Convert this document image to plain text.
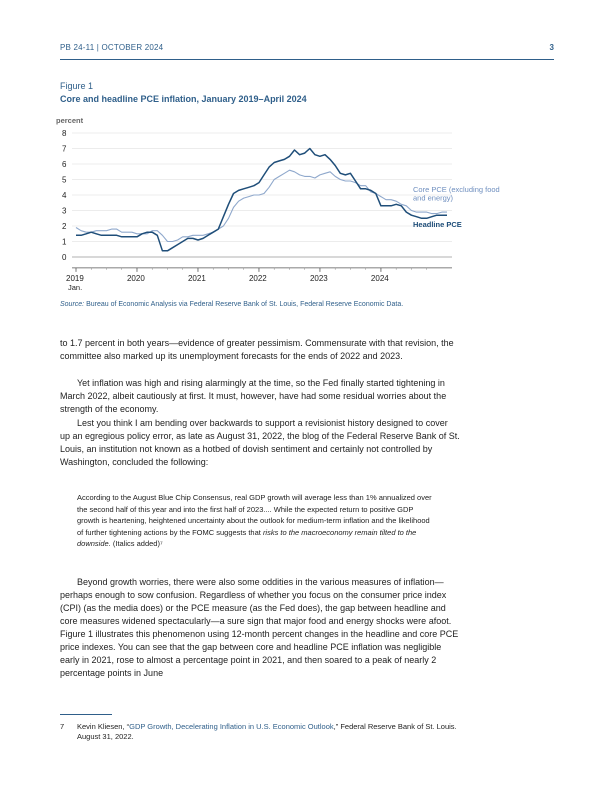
PB 24-11 | OCTOBER 2024	3
Figure 1
Core and headline PCE inflation, January 2019–April 2024
percent
0
1
2
3
4
5
6
7
8
2019	2020	2021	2022	2023	2024
Jan.
Core PCE (excluding food
and energy)
Headline PCE
Source: Bureau of Economic Analysis via Federal Reserve Bank of St. Louis, Federal Reserve Economic Data.

to 1.7 percent in both years—evidence of greater pessimism. Commensurate with that revision, the committee also marked up its unemployment forecasts for the ends of 2022 and 2023.

Yet inflation was high and rising alarmingly at the time, so the Fed finally started tightening in March 2022, albeit cautiously at first. It must, however, have had some residual worries about the strength of the economy.

Lest you think I am bending over backwards to support a revisionist history designed to cover up an egregious policy error, as late as August 31, 2022, the blog of the Federal Reserve Bank of St. Louis, an institution not known as a hotbed of dovish sentiment and certainly not controlled by Washington, concluded the following:

According to the August Blue Chip Consensus, real GDP growth will average less than 1% annualized over the second half of this year and into the first half of 2023.... While the expected return to positive GDP growth is heartening, heightened uncertainty about the outlook for medium-term inflation and the likelihood of further tightening actions by the FOMC suggests that risks to the macroeconomy remain tilted to the downside. (Italics added)⁷

Beyond growth worries, there were also some oddities in the various measures of inflation—perhaps enough to sow confusion. Regardless of whether you focus on the consumer price index (CPI) (as the media does) or the PCE measure (as the Fed does), the gap between headline and core measures widened spectacularly—a sure sign that major food and energy shocks were afoot. Figure 1 illustrates this phenomenon using 12-month percent changes in the headline and core PCE price indexes. You can see that the gap between core and headline PCE inflation was negligible early in 2021, rose to almost a percentage point in 2021, and then soared to a peak of nearly 2 percentage points in June

7 Kevin Kliesen, “GDP Growth, Decelerating Inflation in U.S. Economic Outlook,” Federal Reserve Bank of St. Louis. August 31, 2022.
